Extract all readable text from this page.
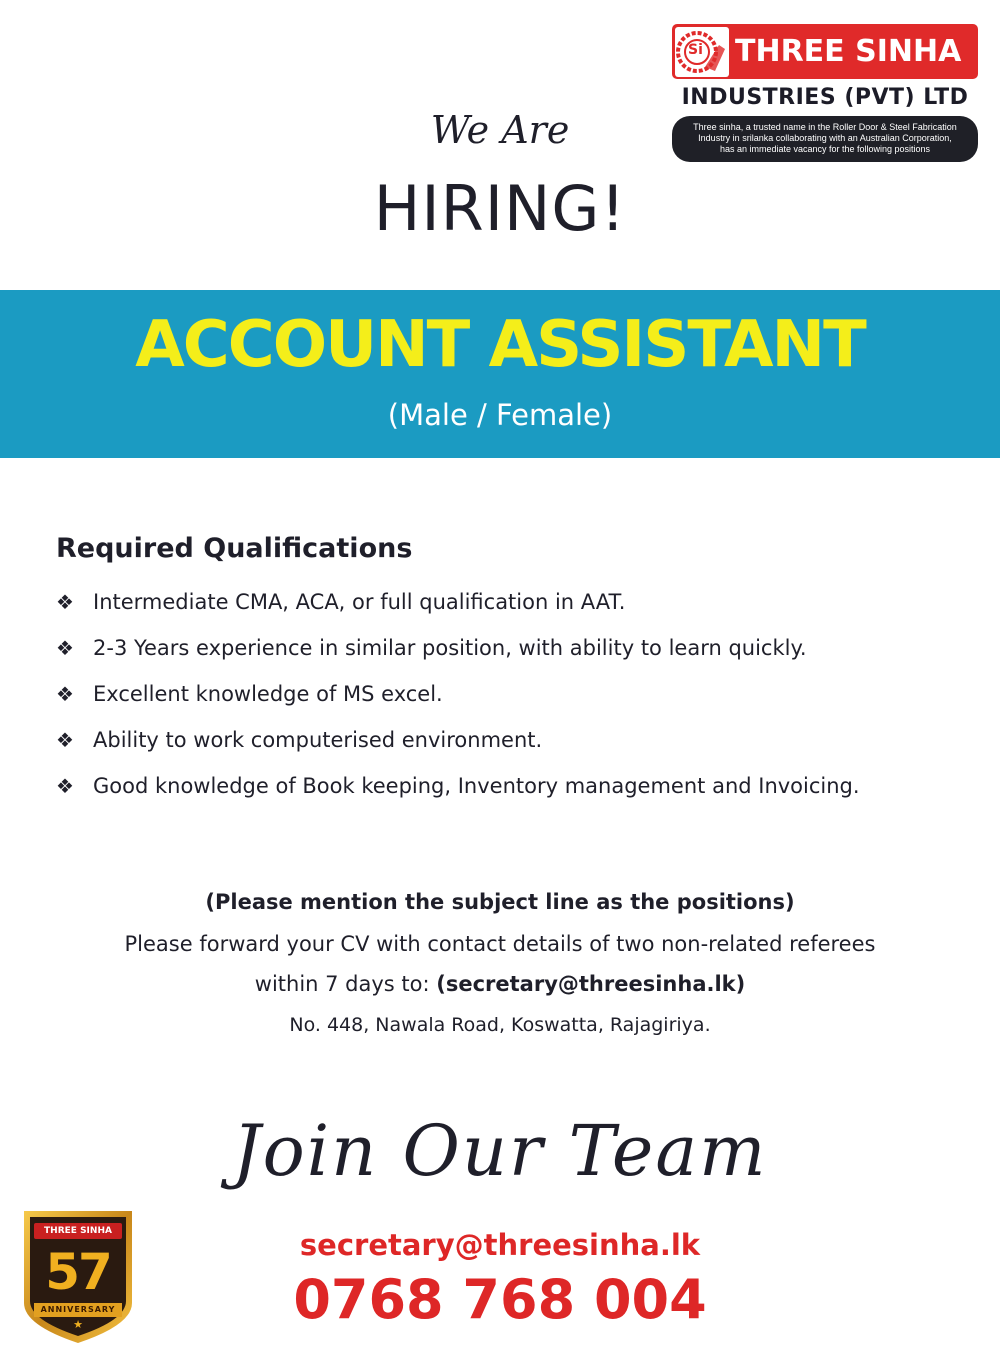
Si THREE SINHA
INDUSTRIES (PVT) LTD
Three sinha, a trusted name in the Roller Door & Steel Fabrication
Industry in srilanka collaborating with an Australian Corporation,
has an immediate vacancy for the following positions
We Are
HIRING!
ACCOUNT ASSISTANT
(Male / Female)
Required Qualifications
❖ Intermediate CMA, ACA, or full qualification in AAT.
❖ 2-3 Years experience in similar position, with ability to learn quickly.
❖ Excellent knowledge of MS excel.
❖ Ability to work computerised environment.
❖ Good knowledge of Book keeping, Inventory management and Invoicing.
(Please mention the subject line as the positions)
Please forward your CV with contact details of two non-related referees
within 7 days to: (secretary@threesinha.lk)
No. 448, Nawala Road, Koswatta, Rajagiriya.
Join Our Team
secretary@threesinha.lk
0768 768 004
THREE SINHA
57
ANNIVERSARY
★
